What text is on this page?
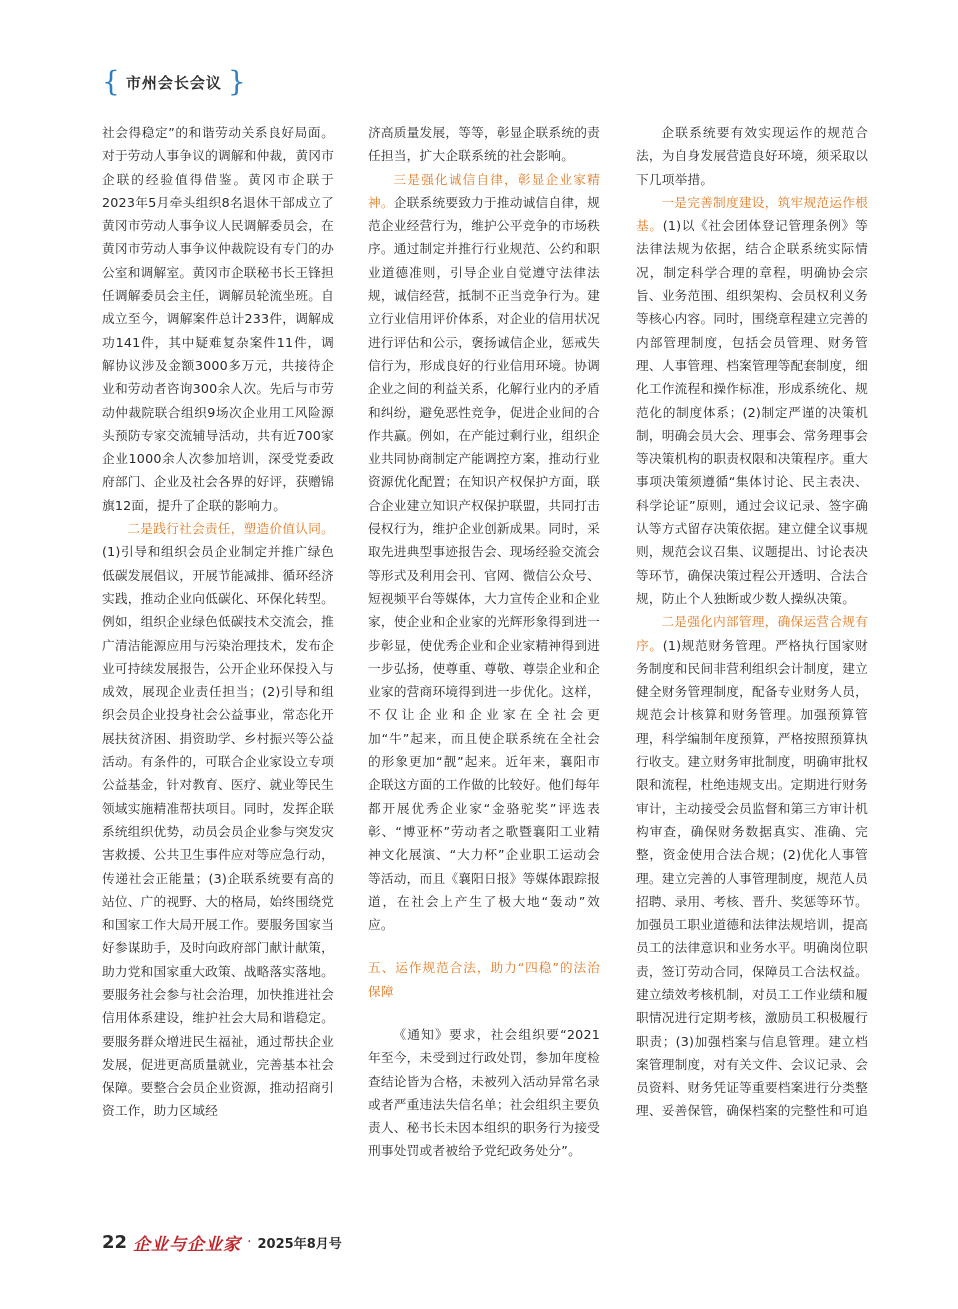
{ 市州会长会议 }

社会得稳定”的和谐劳动关系良好局面。对于劳动人事争议的调解和仲裁，黄冈市企联的经验值得借鉴。黄冈市企联于2023年5月牵头组织8名退休干部成立了黄冈市劳动人事争议人民调解委员会，在黄冈市劳动人事争议仲裁院设有专门的办公室和调解室。黄冈市企联秘书长王锋担任调解委员会主任，调解员轮流坐班。自成立至今，调解案件总计233件，调解成功141件，其中疑难复杂案件11件，调解协议涉及金额3000多万元，共接待企业和劳动者咨询300余人次。先后与市劳动仲裁院联合组织9场次企业用工风险源头预防专家交流辅导活动，共有近700家企业1000余人次参加培训，深受党委政府部门、企业及社会各界的好评，获赠锦旗12面，提升了企联的影响力。

二是践行社会责任，塑造价值认同。(1)引导和组织会员企业制定并推广绿色低碳发展倡议，开展节能减排、循环经济实践，推动企业向低碳化、环保化转型。例如，组织企业绿色低碳技术交流会，推广清洁能源应用与污染治理技术，发布企业可持续发展报告，公开企业环保投入与成效，展现企业责任担当；(2)引导和组织会员企业投身社会公益事业，常态化开展扶贫济困、捐资助学、乡村振兴等公益活动。有条件的，可联合企业家设立专项公益基金，针对教育、医疗、就业等民生领域实施精准帮扶项目。同时，发挥企联系统组织优势，动员会员企业参与突发灾害救援、公共卫生事件应对等应急行动，传递社会正能量；(3)企联系统要有高的站位、广的视野、大的格局，始终围绕党和国家工作大局开展工作。要服务国家当好参谋助手，及时向政府部门献计献策，助力党和国家重大政策、战略落实落地。要服务社会参与社会治理，加快推进社会信用体系建设，维护社会大局和谐稳定。要服务群众增进民生福祉，通过帮扶企业发展，促进更高质量就业，完善基本社会保障。要整合会员企业资源，推动招商引资工作，助力区域经

济高质量发展，等等，彰显企联系统的责任担当，扩大企联系统的社会影响。

三是强化诚信自律，彰显企业家精神。企联系统要致力于推动诚信自律，规范企业经营行为，维护公平竞争的市场秩序。通过制定并推行行业规范、公约和职业道德准则，引导企业自觉遵守法律法规，诚信经营，抵制不正当竞争行为。建立行业信用评价体系，对企业的信用状况进行评估和公示，褒扬诚信企业，惩戒失信行为，形成良好的行业信用环境。协调企业之间的利益关系，化解行业内的矛盾和纠纷，避免恶性竞争，促进企业间的合作共赢。例如，在产能过剩行业，组织企业共同协商制定产能调控方案，推动行业资源优化配置；在知识产权保护方面，联合企业建立知识产权保护联盟，共同打击侵权行为，维护企业创新成果。同时，采取先进典型事迹报告会、现场经验交流会等形式及利用会刊、官网、微信公众号、短视频平台等媒体，大力宣传企业和企业家，使企业和企业家的光辉形象得到进一步彰显，使优秀企业和企业家精神得到进一步弘扬，使尊重、尊敬、尊崇企业和企业家的营商环境得到进一步优化。这样，不仅让企业和企业家在全社会更加“牛”起来，而且使企联系统在全社会的形象更加“靓”起来。近年来，襄阳市企联这方面的工作做的比较好。他们每年都开展优秀企业家“金骆驼奖”评选表彰、“博亚杯”劳动者之歌暨襄阳工业精神文化展演、“大力杯”企业职工运动会等活动，而且《襄阳日报》等媒体跟踪报道，在社会上产生了极大地“轰动”效应。

五、运作规范合法，助力“四稳”的法治保障

《通知》要求，社会组织要“2021年至今，未受到过行政处罚，参加年度检查结论皆为合格，未被列入活动异常名录或者严重违法失信名单；社会组织主要负责人、秘书长未因本组织的职务行为接受刑事处罚或者被给予党纪政务处分”。

企联系统要有效实现运作的规范合法，为自身发展营造良好环境，须采取以下几项举措。

一是完善制度建设，筑牢规范运作根基。(1)以《社会团体登记管理条例》等法律法规为依据，结合企联系统实际情况，制定科学合理的章程，明确协会宗旨、业务范围、组织架构、会员权利义务等核心内容。同时，围绕章程建立完善的内部管理制度，包括会员管理、财务管理、人事管理、档案管理等配套制度，细化工作流程和操作标准，形成系统化、规范化的制度体系；(2)制定严谨的决策机制，明确会员大会、理事会、常务理事会等决策机构的职责权限和决策程序。重大事项决策须遵循“集体讨论、民主表决、科学论证”原则，通过会议记录、签字确认等方式留存决策依据。建立健全议事规则，规范会议召集、议题提出、讨论表决等环节，确保决策过程公开透明、合法合规，防止个人独断或少数人操纵决策。

二是强化内部管理，确保运营合规有序。(1)规范财务管理。严格执行国家财务制度和民间非营利组织会计制度，建立健全财务管理制度，配备专业财务人员，规范会计核算和财务管理。加强预算管理，科学编制年度预算，严格按照预算执行收支。建立财务审批制度，明确审批权限和流程，杜绝违规支出。定期进行财务审计，主动接受会员监督和第三方审计机构审查，确保财务数据真实、准确、完整，资金使用合法合规；(2)优化人事管理。建立完善的人事管理制度，规范人员招聘、录用、考核、晋升、奖惩等环节。加强员工职业道德和法律法规培训，提高员工的法律意识和业务水平。明确岗位职责，签订劳动合同，保障员工合法权益。建立绩效考核机制，对员工工作业绩和履职情况进行定期考核，激励员工积极履行职责；(3)加强档案与信息管理。建立档案管理制度，对有关文件、会议记录、会员资料、财务凭证等重要档案进行分类整理、妥善保管，确保档案的完整性和可追

22 企业与企业家 · 2025年8月号
